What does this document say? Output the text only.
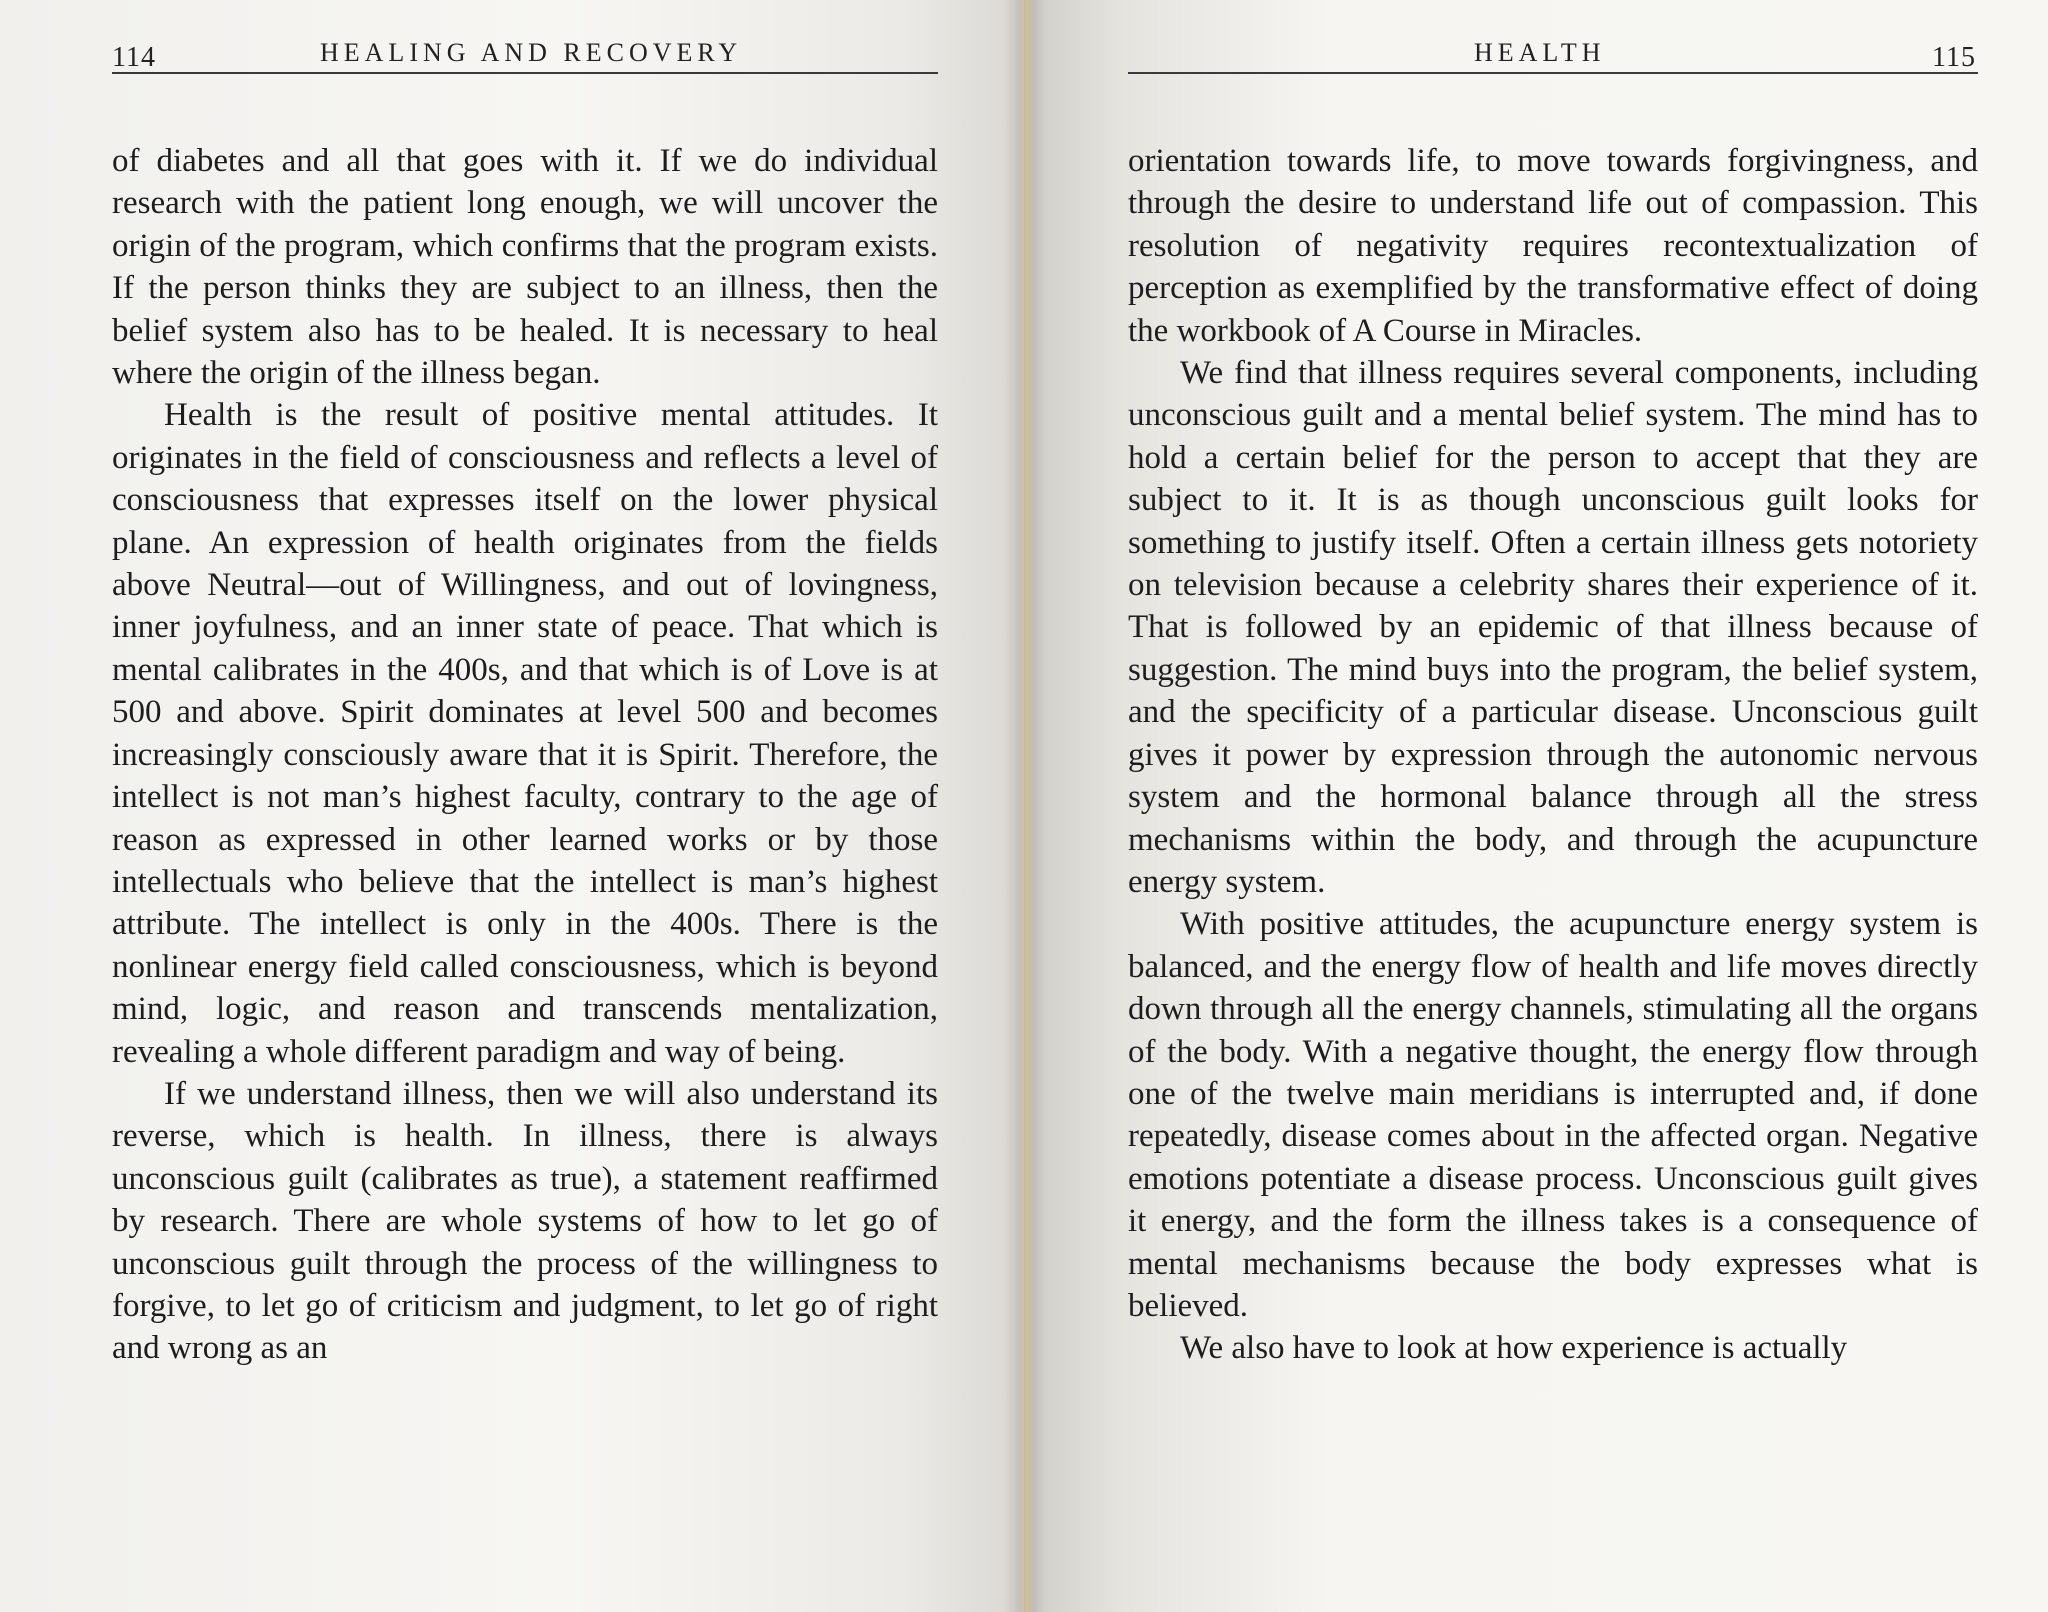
114	HEALING AND RECOVERY

of diabetes and all that goes with it. If we do individual research with the patient long enough, we will uncover the origin of the program, which confirms that the program exists. If the person thinks they are subject to an illness, then the belief system also has to be healed. It is necessary to heal where the origin of the illness began.

Health is the result of positive mental attitudes. It originates in the field of consciousness and reflects a level of consciousness that expresses itself on the lower physical plane. An expression of health originates from the fields above Neutral—out of Willingness, and out of lovingness, inner joyfulness, and an inner state of peace. That which is mental calibrates in the 400s, and that which is of Love is at 500 and above. Spirit dominates at level 500 and becomes increasingly consciously aware that it is Spirit. Therefore, the intellect is not man’s highest faculty, contrary to the age of reason as expressed in other learned works or by those intellectuals who believe that the intellect is man’s highest attribute. The intellect is only in the 400s. There is the nonlinear energy field called consciousness, which is beyond mind, logic, and reason and transcends mentalization, revealing a whole different paradigm and way of being.

If we understand illness, then we will also understand its reverse, which is health. In illness, there is always unconscious guilt (calibrates as true), a statement reaffirmed by research. There are whole systems of how to let go of unconscious guilt through the process of the willingness to forgive, to let go of criticism and judgment, to let go of right and wrong as an

HEALTH	115

orientation towards life, to move towards forgivingness, and through the desire to understand life out of compassion. This resolution of negativity requires recontextualization of perception as exemplified by the transformative effect of doing the workbook of A Course in Miracles.

We find that illness requires several components, including unconscious guilt and a mental belief system. The mind has to hold a certain belief for the person to accept that they are subject to it. It is as though unconscious guilt looks for something to justify itself. Often a certain illness gets notoriety on television because a celebrity shares their experience of it. That is followed by an epidemic of that illness because of suggestion. The mind buys into the program, the belief system, and the specificity of a particular disease. Unconscious guilt gives it power by expression through the autonomic nervous system and the hormonal balance through all the stress mechanisms within the body, and through the acupuncture energy system.

With positive attitudes, the acupuncture energy system is balanced, and the energy flow of health and life moves directly down through all the energy channels, stimulating all the organs of the body. With a negative thought, the energy flow through one of the twelve main meridians is interrupted and, if done repeatedly, disease comes about in the affected organ. Negative emotions potentiate a disease process. Unconscious guilt gives it energy, and the form the illness takes is a consequence of mental mechanisms because the body expresses what is believed.

We also have to look at how experience is actually
